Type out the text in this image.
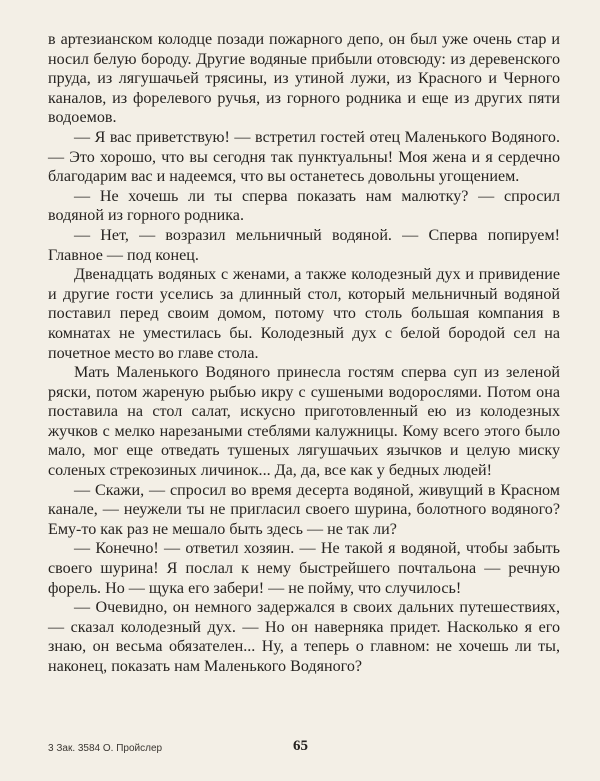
в артезианском колодце позади пожарного депо, он был уже очень стар и носил белую бороду. Другие водяные прибыли отовсюду: из деревенского пруда, из лягушачьей трясины, из утиной лужи, из Красного и Черного каналов, из форелевого ручья, из горного родника и еще из других пяти водоемов.

— Я вас приветствую! — встретил гостей отец Маленького Водяного. — Это хорошо, что вы сегодня так пунктуальны! Моя жена и я сердечно благодарим вас и надеемся, что вы останетесь довольны угощением.

— Не хочешь ли ты сперва показать нам малютку? — спросил водяной из горного родника.

— Нет, — возразил мельничный водяной. — Сперва попируем! Главное — под конец.

Двенадцать водяных с женами, а также колодезный дух и привидение и другие гости уселись за длинный стол, который мельничный водяной поставил перед своим домом, потому что столь большая компания в комнатах не уместилась бы. Колодезный дух с белой бородой сел на почетное место во главе стола.

Мать Маленького Водяного принесла гостям сперва суп из зеленой ряски, потом жареную рыбью икру с сушеными водорослями. Потом она поставила на стол салат, искусно приготовленный ею из колодезных жучков с мелко нарезаными стеблями калужницы. Кому всего этого было мало, мог еще отведать тушеных лягушачьих язычков и целую миску соленых стрекозиных личинок... Да, да, все как у бедных людей!

— Скажи, — спросил во время десерта водяной, живущий в Красном канале, — неужели ты не пригласил своего шурина, болотного водяного? Ему-то как раз не мешало быть здесь — не так ли?

— Конечно! — ответил хозяин. — Не такой я водяной, чтобы забыть своего шурина! Я послал к нему быстрейшего почтальона — речную форель. Но — щука его забери! — не пойму, что случилось!

— Очевидно, он немного задержался в своих дальних путешествиях, — сказал колодезный дух. — Но он наверняка придет. Насколько я его знаю, он весьма обязателен... Ну, а теперь о главном: не хочешь ли ты, наконец, показать нам Маленького Водяного?

3 Зак. 3584 О. Пройслер	65
